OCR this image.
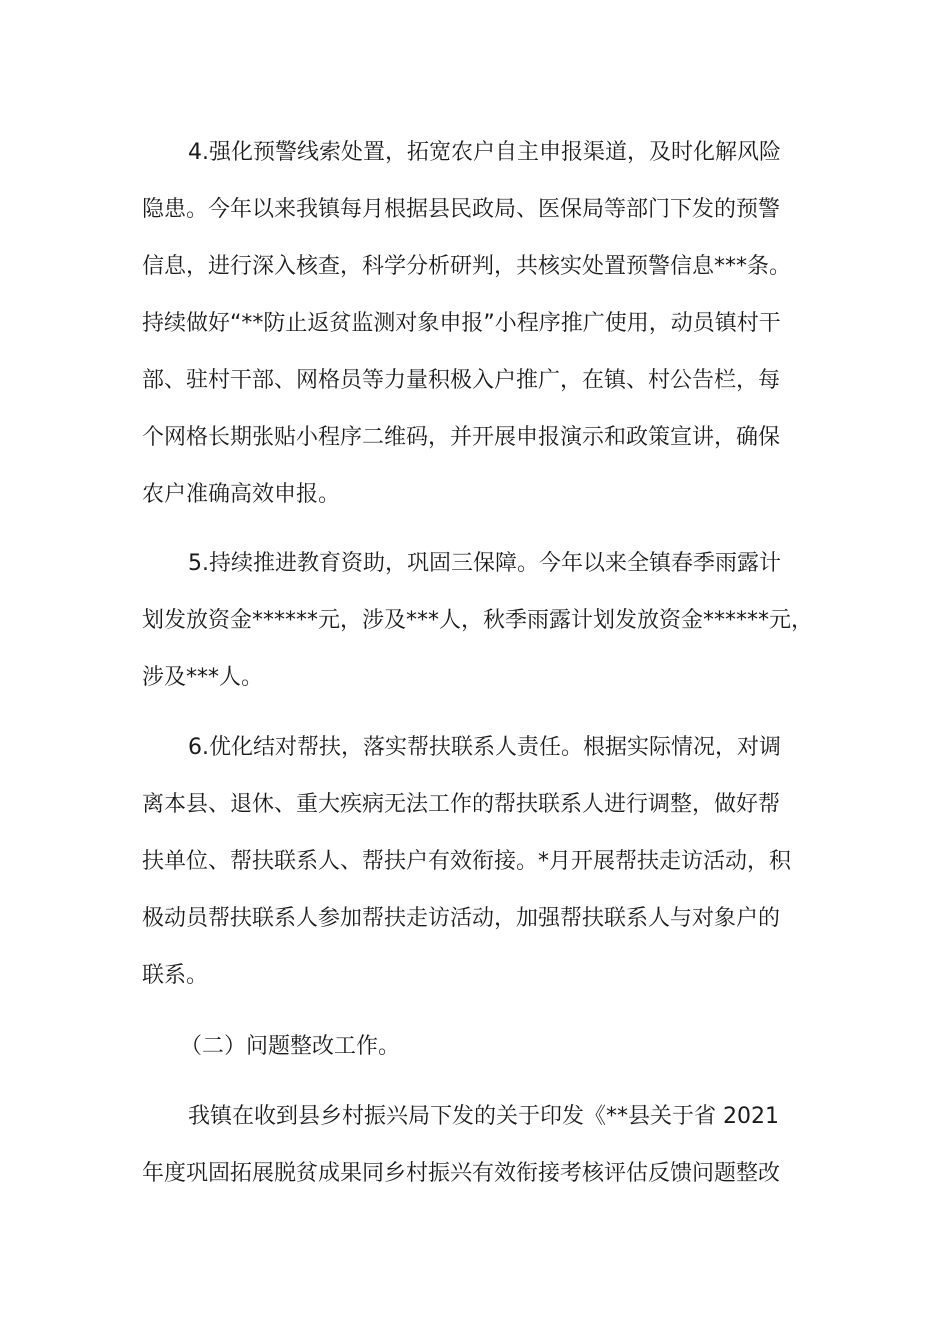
4.强化预警线索处置，拓宽农户自主申报渠道，及时化解风险
隐患。今年以来我镇每月根据县民政局、医保局等部门下发的预警
信息，进行深入核查，科学分析研判，共核实处置预警信息***条。
持续做好“**防止返贫监测对象申报”小程序推广使用，动员镇村干
部、驻村干部、网格员等力量积极入户推广，在镇、村公告栏，每
个网格长期张贴小程序二维码，并开展申报演示和政策宣讲，确保
农户准确高效申报。
5.持续推进教育资助，巩固三保障。今年以来全镇春季雨露计
划发放资金******元，涉及***人，秋季雨露计划发放资金******元，
涉及***人。
6.优化结对帮扶，落实帮扶联系人责任。根据实际情况，对调
离本县、退休、重大疾病无法工作的帮扶联系人进行调整，做好帮
扶单位、帮扶联系人、帮扶户有效衔接。*月开展帮扶走访活动，积
极动员帮扶联系人参加帮扶走访活动，加强帮扶联系人与对象户的
联系。
（二）问题整改工作。
我镇在收到县乡村振兴局下发的关于印发《**县关于省 2021
年度巩固拓展脱贫成果同乡村振兴有效衔接考核评估反馈问题整改
